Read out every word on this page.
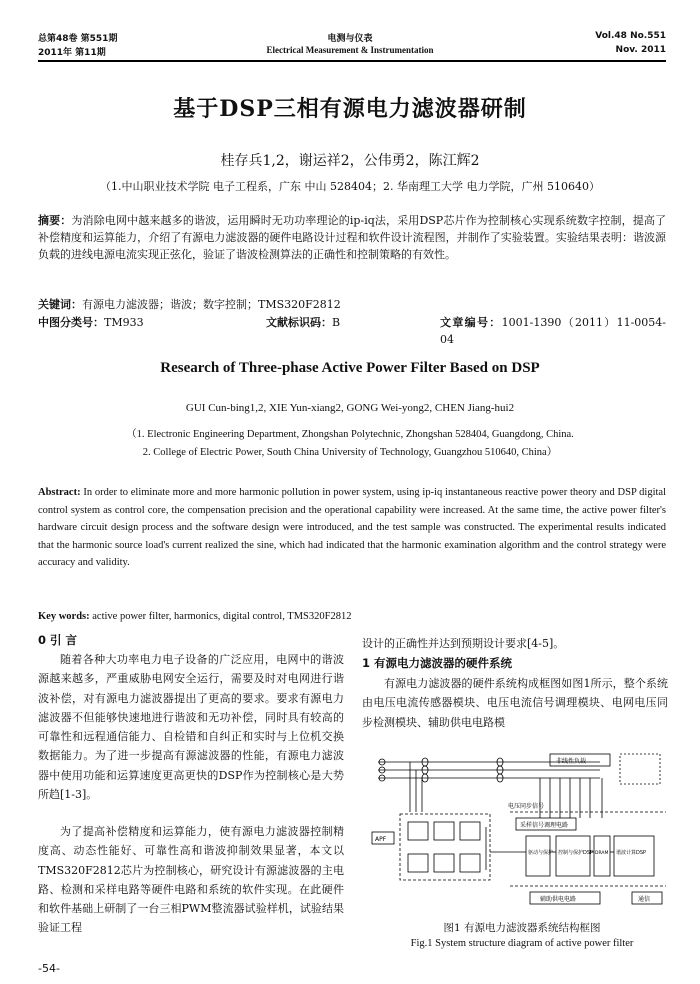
总第48卷 第551期
2011年 第11期
电测与仪表
Electrical Measurement & Instrumentation
Vol.48 No.551
Nov. 2011
基于DSP三相有源电力滤波器研制
桂存兵1,2，谢运祥2，公伟勇2，陈江辉2
（1.中山职业技术学院 电子工程系，广东 中山 528404；2. 华南理工大学 电力学院，广州 510640）
摘要：为消除电网中越来越多的谐波，运用瞬时无功功率理论的ip-iq法，采用DSP芯片作为控制核心实现系统数字控制，提高了补偿精度和运算能力，介绍了有源电力滤波器的硬件电路设计过程和软件设计流程图，并制作了实验装置。实验结果表明：谐波源负载的进线电源电流实现正弦化，验证了谐波检测算法的正确性和控制策略的有效性。
关键词：有源电力滤波器；谐波；数字控制；TMS320F2812
中图分类号：TM933	文献标识码：B	文章编号：1001-1390（2011）11-0054-04
Research of Three-phase Active Power Filter Based on DSP
GUI Cun-bing1,2, XIE Yun-xiang2, GONG Wei-yong2, CHEN Jiang-hui2
（1. Electronic Engineering Department, Zhongshan Polytechnic, Zhongshan 528404, Guangdong, China.
2. College of Electric Power, South China University of Technology, Guangzhou 510640, China）
Abstract: In order to eliminate more and more harmonic pollution in power system, using ip-iq instantaneous reactive power theory and DSP digital control system as control core, the compensation precision and the operational capability were increased. At the same time, the active power filter's hardware circuit design process and the software design were introduced, and the test sample was constructed. The experimental results indicated that the harmonic source load's current realized the sine, which had indicated that the harmonic examination algorithm and the control strategy were accuracy and validity.
Key words: active power filter, harmonics, digital control, TMS320F2812
0 引 言
随着各种大功率电力电子设备的广泛应用，电网中的谐波源越来越多，严重威胁电网安全运行，需要及时对电网进行谐波补偿，对有源电力滤波器提出了更高的要求。要求有源电力滤波器不但能够快速地进行谐波和无功补偿，同时具有较高的可靠性和远程通信能力、自检错和自纠正和实时与上位机交换数据能力。为了进一步提高有源滤波器的性能，有源电力滤波器中使用功能和运算速度更高更快的DSP作为控制核心是大势所趋[1-3]。
为了提高补偿精度和运算能力，使有源电力滤波器控制精度高、动态性能好、可靠性高和谐波抑制效果显著，本文以TMS320F2812芯片为控制核心，研究设计有源滤波器的主电路、检测和采样电路等硬件电路和系统的软件实现。在此硬件和软件基础上研制了一台三相PWM整流器试验样机，试验结果验证工程
设计的正确性并达到预期设计要求[4-5]。
1 有源电力滤波器的硬件系统
有源电力滤波器的硬件系统构成框图如图1所示，整个系统由电压电流传感器模块、电压电流信号调理模块、电网电压同步检测模块、辅助供电电路模
非线性负载
电压同步信号
采样信号调理电路
驱动与保护 控制与保护DSP DRAM 谐波计算DSP
辅助供电电路	通信
APF
图1 有源电力滤波器系统结构框图
Fig.1 System structure diagram of active power filter
-54-
